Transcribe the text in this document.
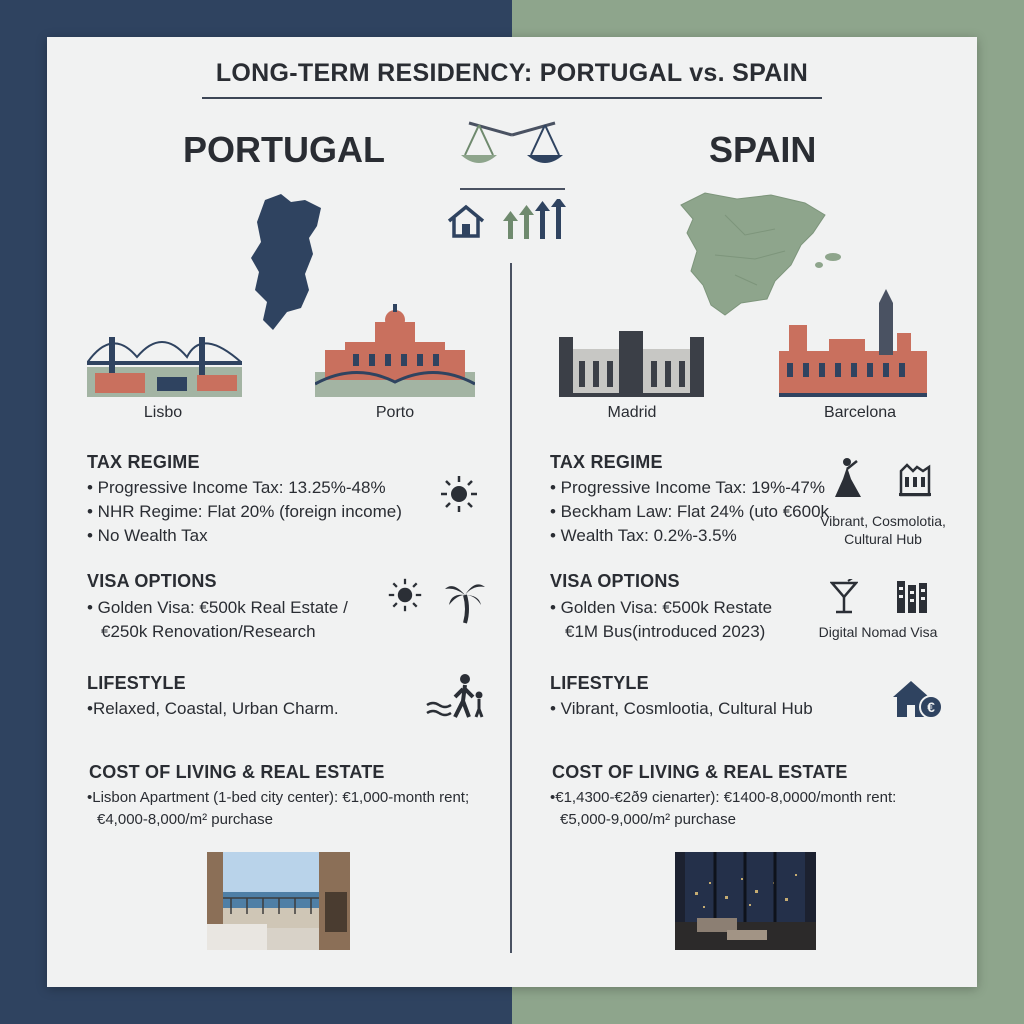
LONG-TERM RESIDENCY: PORTUGAL vs. SPAIN
PORTUGAL	SPAIN
Lisbo	Porto	Madrid	Barcelona
TAX REGIME
• Progressive Income Tax: 13.25%-48%
• NHR Regime: Flat 20% (foreign income)
• No Wealth Tax
VISA OPTIONS
• Golden Visa: €500k Real Estate /
€250k Renovation/Research
LIFESTYLE
•Relaxed, Coastal, Urban Charm.
COST OF LIVING & REAL ESTATE
•Lisbon Apartment (1-bed city center): €1,000-month rent;
€4,000-8,000/m² purchase
TAX REGIME
• Progressive Income Tax: 19%-47%
• Beckham Law: Flat 24% (uto €600k
• Wealth Tax: 0.2%-3.5%
Vibrant, Cosmolotia,
Cultural Hub
VISA OPTIONS
• Golden Visa: €500k Restate
€1M Bus(introduced 2023)	Digital Nomad Visa
LIFESTYLE
• Vibrant, Cosmlootia, Cultural Hub	€
COST OF LIVING & REAL ESTATE
•€1,4300-€2ð9 cienarter): €1400-8,0000/month rent:
€5,000-9,000/m² purchase
